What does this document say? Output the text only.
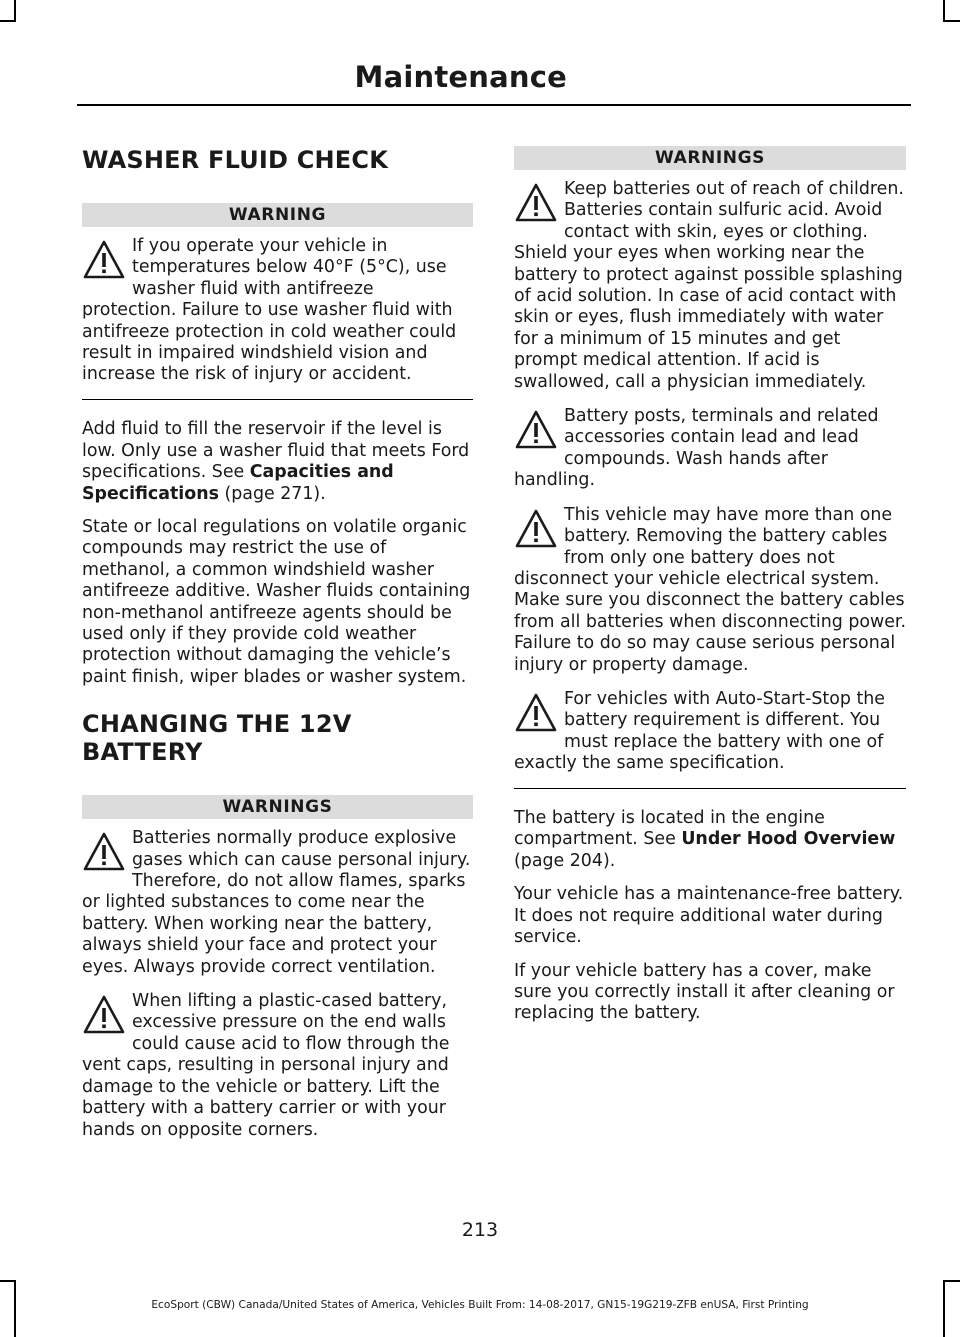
Maintenance
WASHER FLUID CHECK
WARNING
If you operate your vehicle in temperatures below 40°F (5°C), use washer fluid with antifreeze protection. Failure to use washer fluid with antifreeze protection in cold weather could result in impaired windshield vision and increase the risk of injury or accident.

Add fluid to fill the reservoir if the level is low. Only use a washer fluid that meets Ford specifications. See Capacities and Specifications (page 271).

State or local regulations on volatile organic compounds may restrict the use of methanol, a common windshield washer antifreeze additive. Washer fluids containing non-methanol antifreeze agents should be used only if they provide cold weather protection without damaging the vehicle’s paint finish, wiper blades or washer system.

CHANGING THE 12V BATTERY
WARNINGS
Batteries normally produce explosive gases which can cause personal injury. Therefore, do not allow flames, sparks or lighted substances to come near the battery. When working near the battery, always shield your face and protect your eyes. Always provide correct ventilation.
When lifting a plastic-cased battery, excessive pressure on the end walls could cause acid to flow through the vent caps, resulting in personal injury and damage to the vehicle or battery. Lift the battery with a battery carrier or with your hands on opposite corners.
WARNINGS
Keep batteries out of reach of children. Batteries contain sulfuric acid. Avoid contact with skin, eyes or clothing. Shield your eyes when working near the battery to protect against possible splashing of acid solution. In case of acid contact with skin or eyes, flush immediately with water for a minimum of 15 minutes and get prompt medical attention. If acid is swallowed, call a physician immediately.
Battery posts, terminals and related accessories contain lead and lead compounds. Wash hands after handling.
This vehicle may have more than one battery. Removing the battery cables from only one battery does not disconnect your vehicle electrical system. Make sure you disconnect the battery cables from all batteries when disconnecting power. Failure to do so may cause serious personal injury or property damage.
For vehicles with Auto-Start-Stop the battery requirement is different. You must replace the battery with one of exactly the same specification.

The battery is located in the engine compartment. See Under Hood Overview (page 204).

Your vehicle has a maintenance-free battery. It does not require additional water during service.

If your vehicle battery has a cover, make sure you correctly install it after cleaning or replacing the battery.

213
EcoSport (CBW) Canada/United States of America, Vehicles Built From: 14-08-2017, GN15-19G219-ZFB enUSA, First Printing
